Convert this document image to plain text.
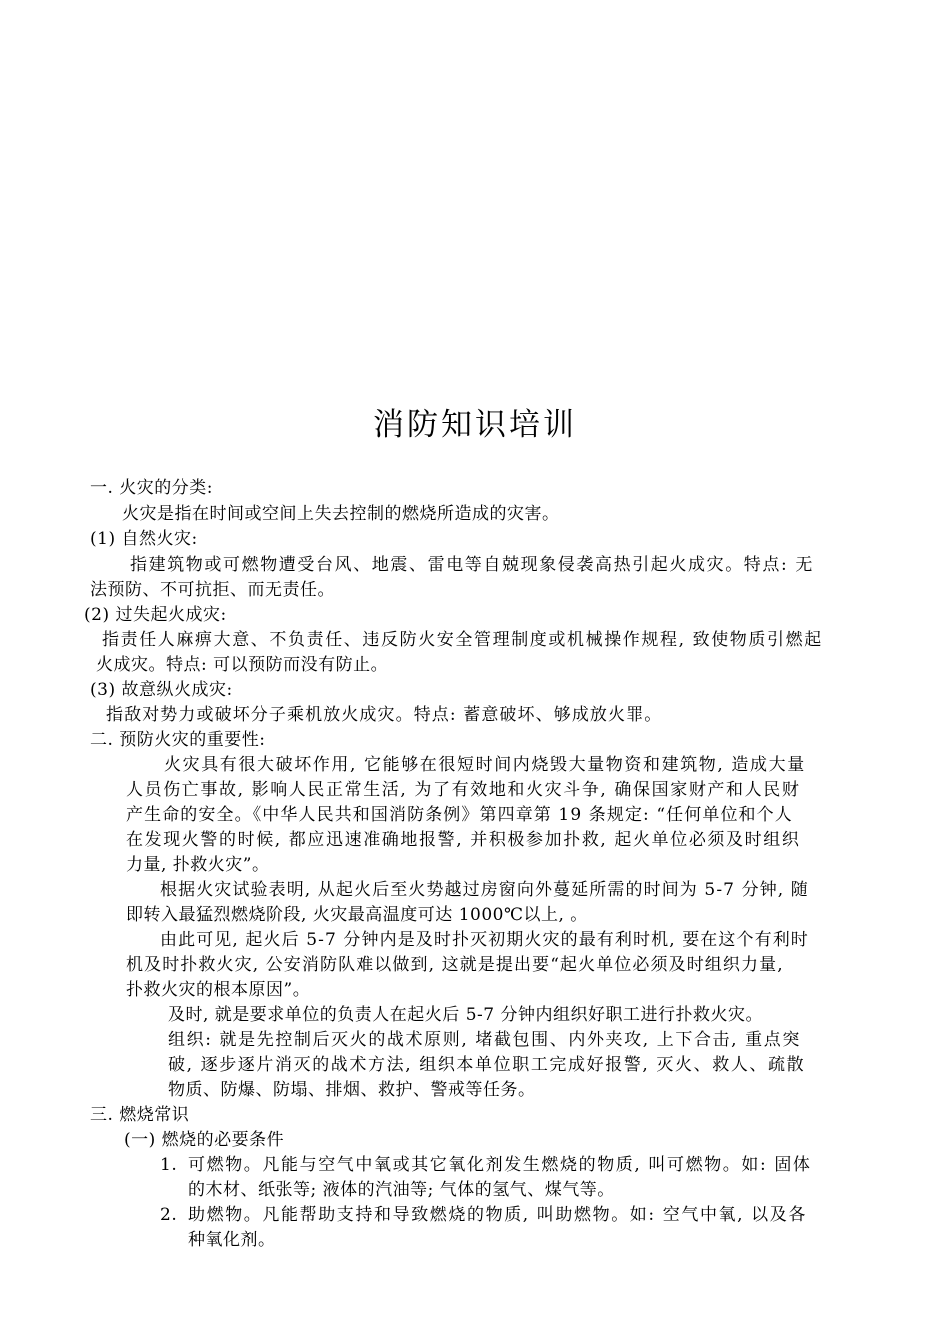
消防知识培训
一. 火灾的分类:
火灾是指在时间或空间上失去控制的燃烧所造成的灾害。
(1) 自然火灾:
指建筑物或可燃物遭受台风、地震、雷电等自兢现象侵袭高热引起火成灾。特点: 无
法预防、不可抗拒、而无责任。
(2) 过失起火成灾:
指责任人麻痹大意、不负责任、违反防火安全管理制度或机械操作规程, 致使物质引燃起
火成灾。特点: 可以预防而没有防止。
(3) 故意纵火成灾:
指敌对势力或破坏分子乘机放火成灾。特点: 蓄意破坏、够成放火罪。
二. 预防火灾的重要性:
火灾具有很大破坏作用, 它能够在很短时间内烧毁大量物资和建筑物, 造成大量
人员伤亡事故, 影响人民正常生活, 为了有效地和火灾斗争, 确保国家财产和人民财
产生命的安全。《中华人民共和国消防条例》第四章第 19 条规定: “任何单位和个人
在发现火警的时候, 都应迅速准确地报警, 并积极参加扑救, 起火单位必须及时组织
力量, 扑救火灾”。
根据火灾试验表明, 从起火后至火势越过房窗向外蔓延所需的时间为 5-7 分钟, 随
即转入最猛烈燃烧阶段, 火灾最高温度可达 1000℃以上, 。
由此可见, 起火后 5-7 分钟内是及时扑灭初期火灾的最有利时机, 要在这个有利时
机及时扑救火灾, 公安消防队难以做到, 这就是提出要“起火单位必须及时组织力量,
扑救火灾的根本原因”。
及时, 就是要求单位的负责人在起火后 5-7 分钟内组织好职工进行扑救火灾。
组织: 就是先控制后灭火的战术原则, 堵截包围、内外夹攻, 上下合击, 重点突
破, 逐步逐片消灭的战术方法, 组织本单位职工完成好报警, 灭火、救人、疏散
物质、防爆、防塌、排烟、救护、警戒等任务。
三. 燃烧常识
(一) 燃烧的必要条件
1. 可燃物。凡能与空气中氧或其它氧化剂发生燃烧的物质, 叫可燃物。如: 固体
的木材、纸张等; 液体的汽油等; 气体的氢气、煤气等。
2. 助燃物。凡能帮助支持和导致燃烧的物质, 叫助燃物。如: 空气中氧, 以及各
种氧化剂。
